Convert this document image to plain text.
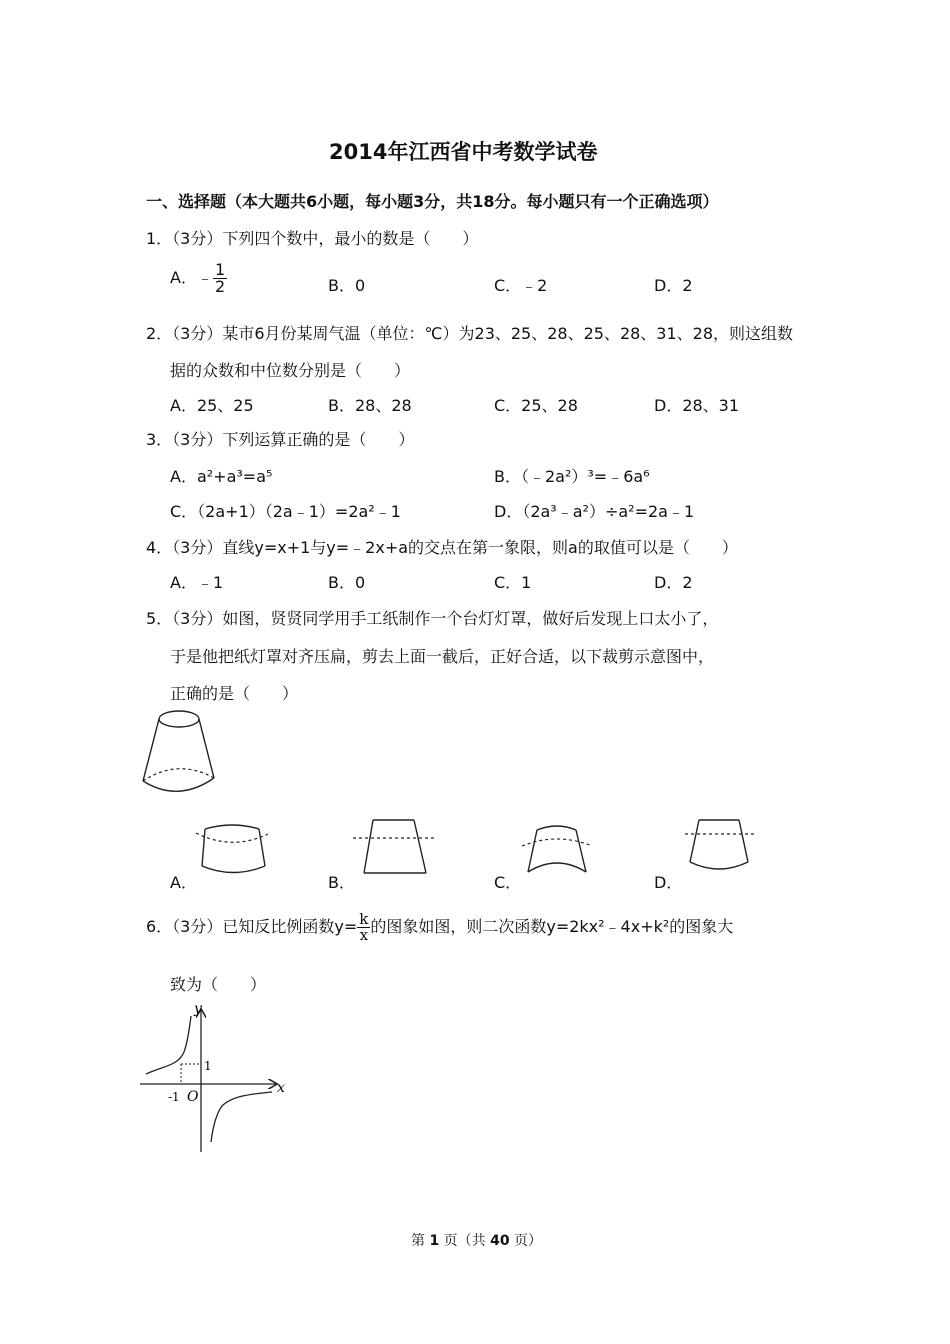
2014年江西省中考数学试卷
一、选择题（本大题共6小题，每小题3分，共18分。每小题只有一个正确选项）
1．（3分）下列四个数中，最小的数是（　　）
A．﹣ $\frac{1}{2}$	B．0	C．﹣2	D．2
2．（3分）某市6月份某周气温（单位：℃）为23、25、28、25、28、31、28，则这组数
据的众数和中位数分别是（　　）
A．25、25	B．28、28	C．25、28	D．28、31
3．（3分）下列运算正确的是（　　）
A．a²+a³=a⁵	B．（﹣2a²）³=﹣6a⁶
C．（2a+1）（2a﹣1）=2a²﹣1	D．（2a³﹣a²）÷a²=2a﹣1
4．（3分）直线y=x+1与y=﹣2x+a的交点在第一象限，则a的取值可以是（　　）
A．﹣1	B．0	C．1	D．2
5．（3分）如图，贤贤同学用手工纸制作一个台灯灯罩，做好后发现上口太小了，
于是他把纸灯罩对齐压扁，剪去上面一截后，正好合适，以下裁剪示意图中，
正确的是（　　）
A．	B．	C．	D．
6．（3分）已知反比例函数$y= \frac{k}{x}$ 的图象如图，则二次函数y=2kx²﹣4x+k²的图象大
致为（　　）
y
x
O
-1
1
第 1 页（共 40 页）
